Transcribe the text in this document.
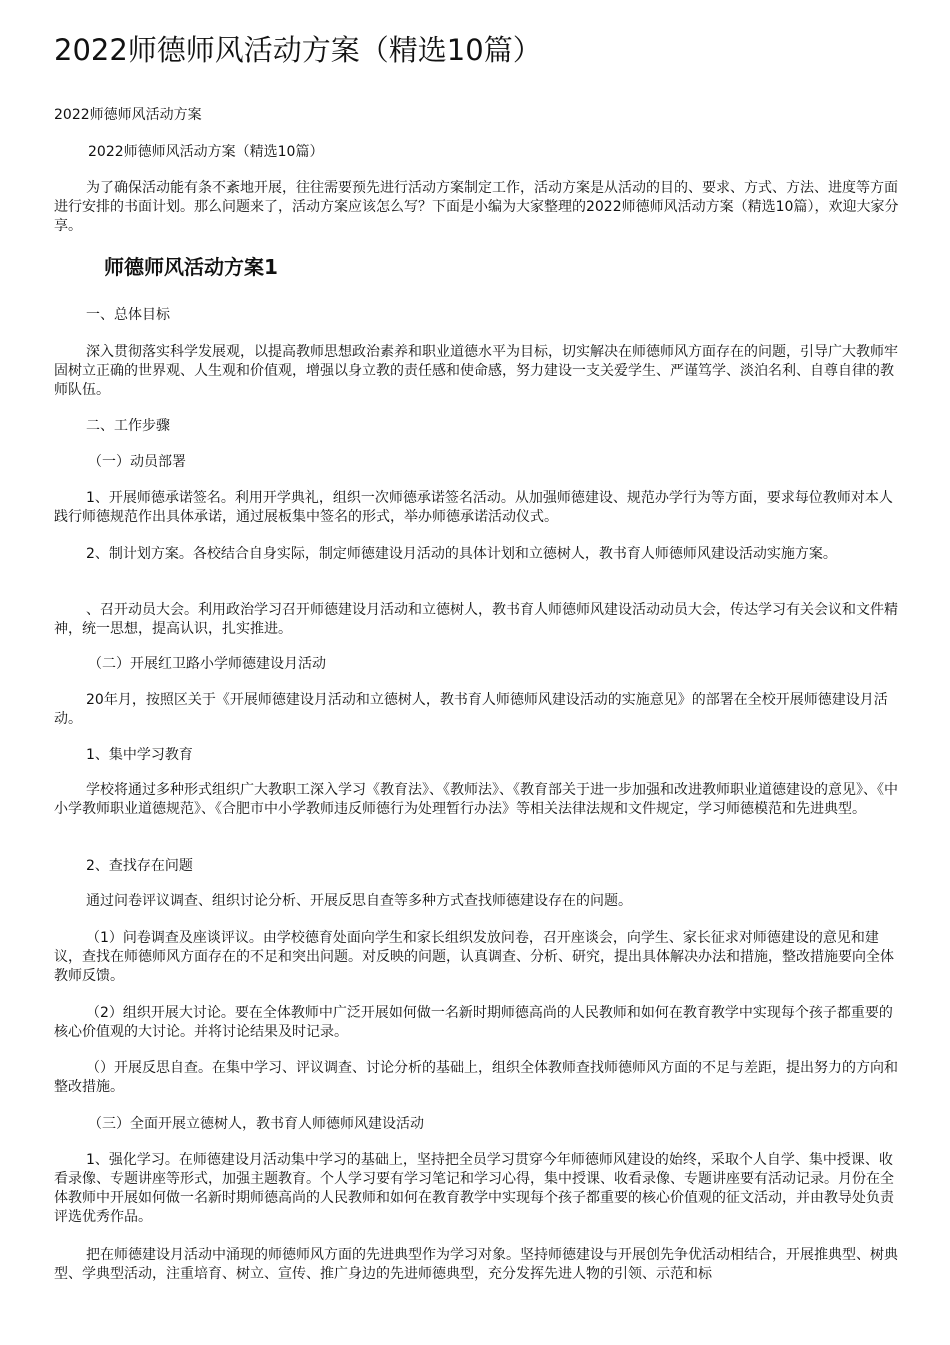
2022师德师风活动方案（精选10篇）

2022师德师风活动方案

2022师德师风活动方案（精选10篇）

为了确保活动能有条不紊地开展，往往需要预先进行活动方案制定工作，活动方案是从活动的目的、要求、方式、方法、进度等方面进行安排的书面计划。那么问题来了，活动方案应该怎么写？下面是小编为大家整理的2022师德师风活动方案（精选10篇），欢迎大家分享。

师德师风活动方案1

一、总体目标

深入贯彻落实科学发展观，以提高教师思想政治素养和职业道德水平为目标，切实解决在师德师风方面存在的问题，引导广大教师牢固树立正确的世界观、人生观和价值观，增强以身立教的责任感和使命感，努力建设一支关爱学生、严谨笃学、淡泊名利、自尊自律的教师队伍。

二、工作步骤

（一）动员部署

1、开展师德承诺签名。利用开学典礼，组织一次师德承诺签名活动。从加强师德建设、规范办学行为等方面，要求每位教师对本人践行师德规范作出具体承诺，通过展板集中签名的形式，举办师德承诺活动仪式。

2、制计划方案。各校结合自身实际，制定师德建设月活动的具体计划和立德树人，教书育人师德师风建设活动实施方案。

、召开动员大会。利用政治学习召开师德建设月活动和立德树人，教书育人师德师风建设活动动员大会，传达学习有关会议和文件精神，统一思想，提高认识，扎实推进。

（二）开展红卫路小学师德建设月活动

20年月，按照区关于《开展师德建设月活动和立德树人，教书育人师德师风建设活动的实施意见》的部署在全校开展师德建设月活动。

1、集中学习教育

学校将通过多种形式组织广大教职工深入学习《教育法》、《教师法》、《教育部关于进一步加强和改进教师职业道德建设的意见》、《中小学教师职业道德规范》、《合肥市中小学教师违反师德行为处理暂行办法》等相关法律法规和文件规定，学习师德模范和先进典型。

2、查找存在问题

通过问卷评议调查、组织讨论分析、开展反思自查等多种方式查找师德建设存在的问题。

（1）问卷调查及座谈评议。由学校德育处面向学生和家长组织发放问卷，召开座谈会，向学生、家长征求对师德建设的意见和建议，查找在师德师风方面存在的不足和突出问题。对反映的问题，认真调查、分析、研究，提出具体解决办法和措施，整改措施要向全体教师反馈。

（2）组织开展大讨论。要在全体教师中广泛开展如何做一名新时期师德高尚的人民教师和如何在教育教学中实现每个孩子都重要的核心价值观的大讨论。并将讨论结果及时记录。

（）开展反思自查。在集中学习、评议调查、讨论分析的基础上，组织全体教师查找师德师风方面的不足与差距，提出努力的方向和整改措施。

（三）全面开展立德树人，教书育人师德师风建设活动

1、强化学习。在师德建设月活动集中学习的基础上，坚持把全员学习贯穿今年师德师风建设的始终，采取个人自学、集中授课、收看录像、专题讲座等形式，加强主题教育。个人学习要有学习笔记和学习心得，集中授课、收看录像、专题讲座要有活动记录。月份在全体教师中开展如何做一名新时期师德高尚的人民教师和如何在教育教学中实现每个孩子都重要的核心价值观的征文活动，并由教导处负责评选优秀作品。

把在师德建设月活动中涌现的师德师风方面的先进典型作为学习对象。坚持师德建设与开展创先争优活动相结合，开展推典型、树典型、学典型活动，注重培育、树立、宣传、推广身边的先进师德典型，充分发挥先进人物的引领、示范和标
